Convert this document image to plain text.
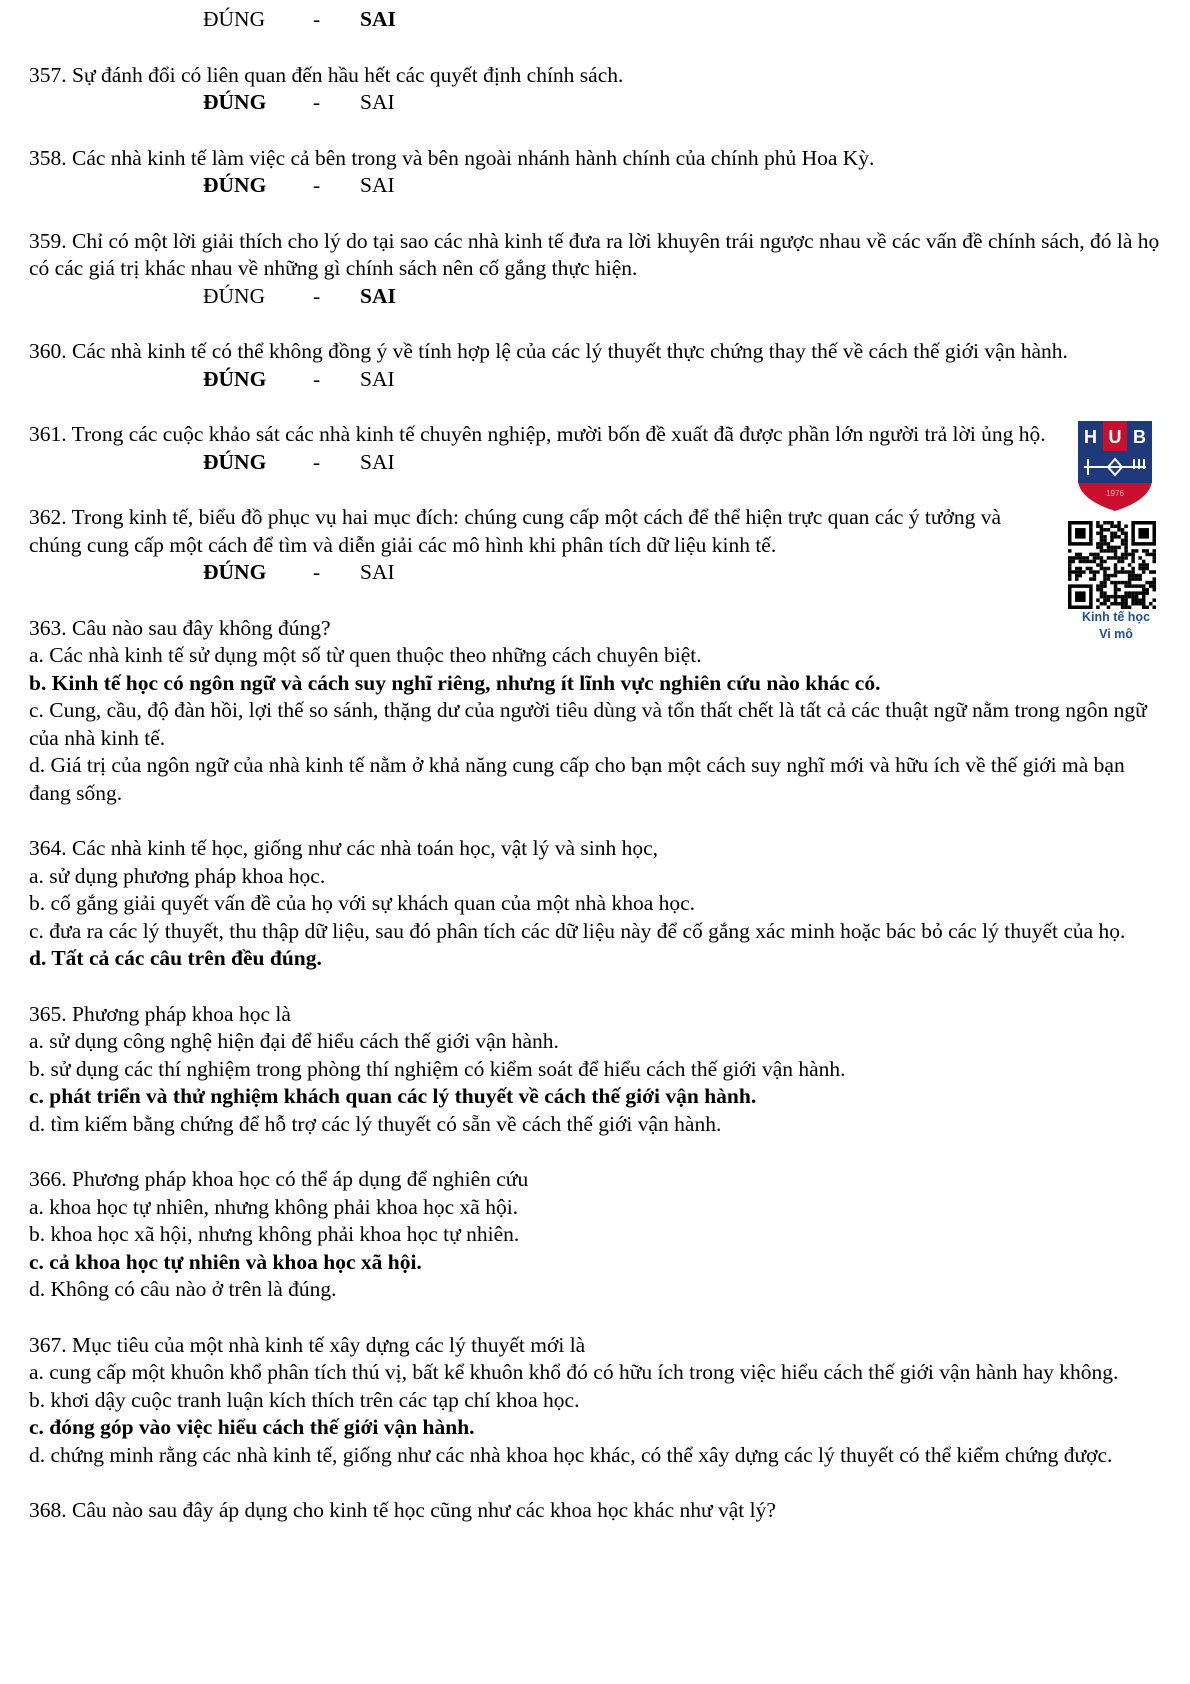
ĐÚNG - SAI

357. Sự đánh đổi có liên quan đến hầu hết các quyết định chính sách.

ĐÚNG - SAI

358. Các nhà kinh tế làm việc cả bên trong và bên ngoài nhánh hành chính của chính phủ Hoa Kỳ.

ĐÚNG - SAI

359. Chỉ có một lời giải thích cho lý do tại sao các nhà kinh tế đưa ra lời khuyên trái ngược nhau về các vấn đề chính sách, đó là họ có các giá trị khác nhau về những gì chính sách nên cố gắng thực hiện.

ĐÚNG - SAI

360. Các nhà kinh tế có thể không đồng ý về tính hợp lệ của các lý thuyết thực chứng thay thế về cách thế giới vận hành.

ĐÚNG - SAI

361. Trong các cuộc khảo sát các nhà kinh tế chuyên nghiệp, mười bốn đề xuất đã được phần lớn người trả lời ủng hộ.

ĐÚNG - SAI

362. Trong kinh tế, biểu đồ phục vụ hai mục đích: chúng cung cấp một cách để thể hiện trực quan các ý tưởng và chúng cung cấp một cách để tìm và diễn giải các mô hình khi phân tích dữ liệu kinh tế.

ĐÚNG - SAI

363. Câu nào sau đây không đúng?

a. Các nhà kinh tế sử dụng một số từ quen thuộc theo những cách chuyên biệt.

b. Kinh tế học có ngôn ngữ và cách suy nghĩ riêng, nhưng ít lĩnh vực nghiên cứu nào khác có.

c. Cung, cầu, độ đàn hồi, lợi thế so sánh, thặng dư của người tiêu dùng và tổn thất chết là tất cả các thuật ngữ nằm trong ngôn ngữ của nhà kinh tế.

d. Giá trị của ngôn ngữ của nhà kinh tế nằm ở khả năng cung cấp cho bạn một cách suy nghĩ mới và hữu ích về thế giới mà bạn đang sống.

364. Các nhà kinh tế học, giống như các nhà toán học, vật lý và sinh học,

a. sử dụng phương pháp khoa học.

b. cố gắng giải quyết vấn đề của họ với sự khách quan của một nhà khoa học.

c. đưa ra các lý thuyết, thu thập dữ liệu, sau đó phân tích các dữ liệu này để cố gắng xác minh hoặc bác bỏ các lý thuyết của họ.

d. Tất cả các câu trên đều đúng.

365. Phương pháp khoa học là

a. sử dụng công nghệ hiện đại để hiểu cách thế giới vận hành.

b. sử dụng các thí nghiệm trong phòng thí nghiệm có kiểm soát để hiểu cách thế giới vận hành.

c. phát triển và thử nghiệm khách quan các lý thuyết về cách thế giới vận hành.

d. tìm kiếm bằng chứng để hỗ trợ các lý thuyết có sẵn về cách thế giới vận hành.

366. Phương pháp khoa học có thể áp dụng để nghiên cứu

a. khoa học tự nhiên, nhưng không phải khoa học xã hội.

b. khoa học xã hội, nhưng không phải khoa học tự nhiên.

c. cả khoa học tự nhiên và khoa học xã hội.

d. Không có câu nào ở trên là đúng.

367. Mục tiêu của một nhà kinh tế xây dựng các lý thuyết mới là

a. cung cấp một khuôn khổ phân tích thú vị, bất kể khuôn khổ đó có hữu ích trong việc hiểu cách thế giới vận hành hay không.

b. khơi dậy cuộc tranh luận kích thích trên các tạp chí khoa học.

c. đóng góp vào việc hiểu cách thế giới vận hành.

d. chứng minh rằng các nhà kinh tế, giống như các nhà khoa học khác, có thể xây dựng các lý thuyết có thể kiểm chứng được.

368. Câu nào sau đây áp dụng cho kinh tế học cũng như các khoa học khác như vật lý?

H U B
1976
Kinh tế học
Vi mô
